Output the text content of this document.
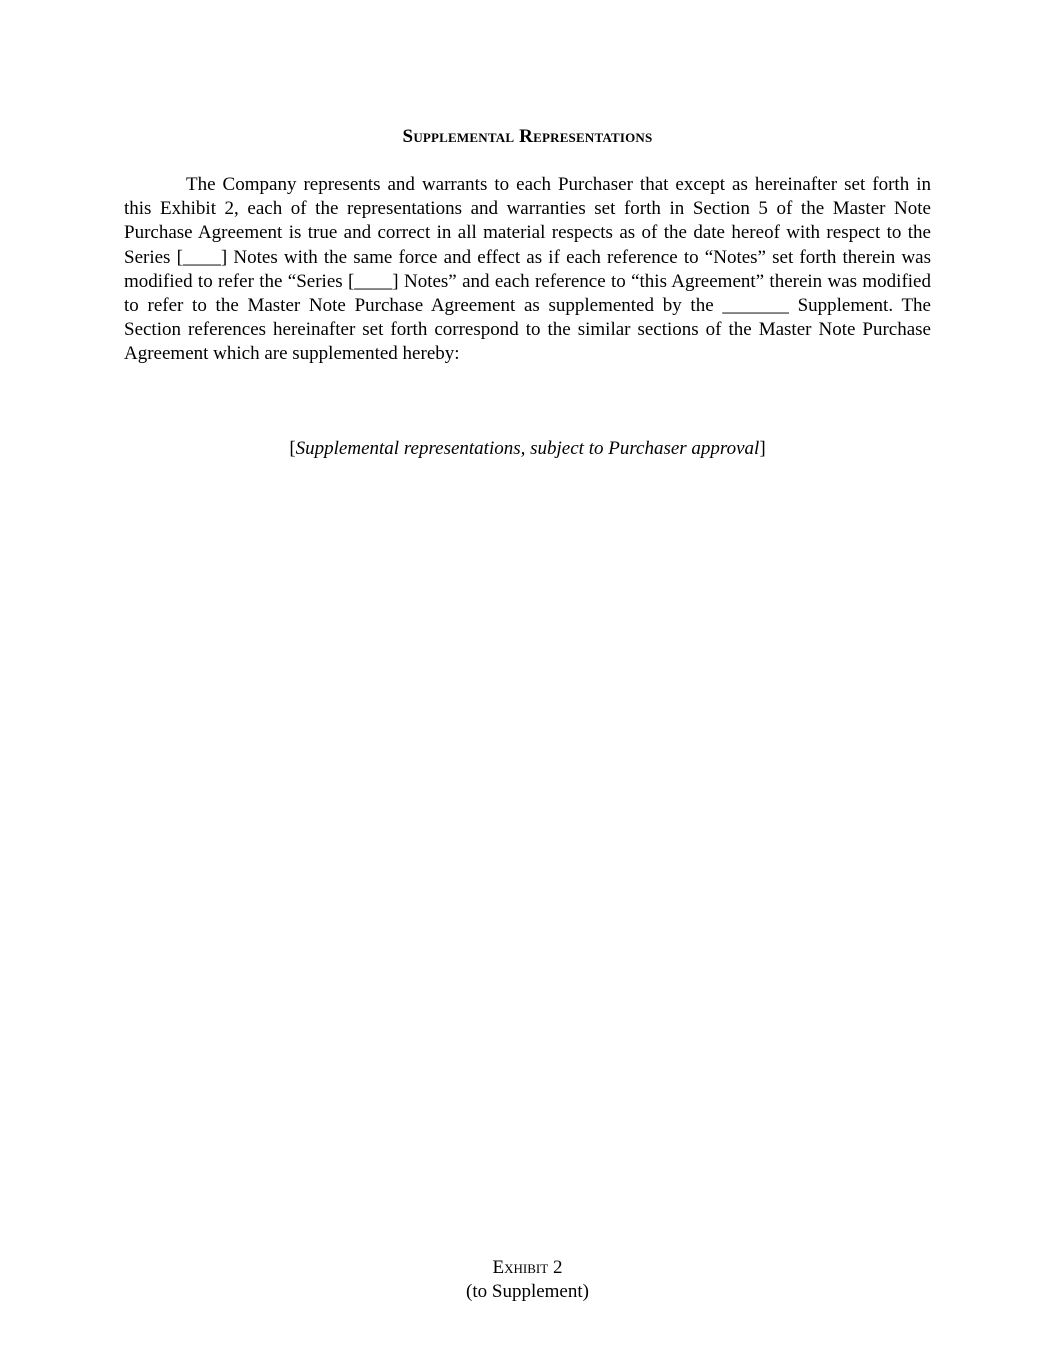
Supplemental Representations
The Company represents and warrants to each Purchaser that except as hereinafter set forth in this Exhibit 2, each of the representations and warranties set forth in Section 5 of the Master Note Purchase Agreement is true and correct in all material respects as of the date hereof with respect to the Series [____] Notes with the same force and effect as if each reference to “Notes” set forth therein was modified to refer the “Series [____] Notes” and each reference to “this Agreement” therein was modified to refer to the Master Note Purchase Agreement as supplemented by the _______ Supplement. The Section references hereinafter set forth correspond to the similar sections of the Master Note Purchase Agreement which are supplemented hereby:
[Supplemental representations, subject to Purchaser approval]
Exhibit 2
(to Supplement)
